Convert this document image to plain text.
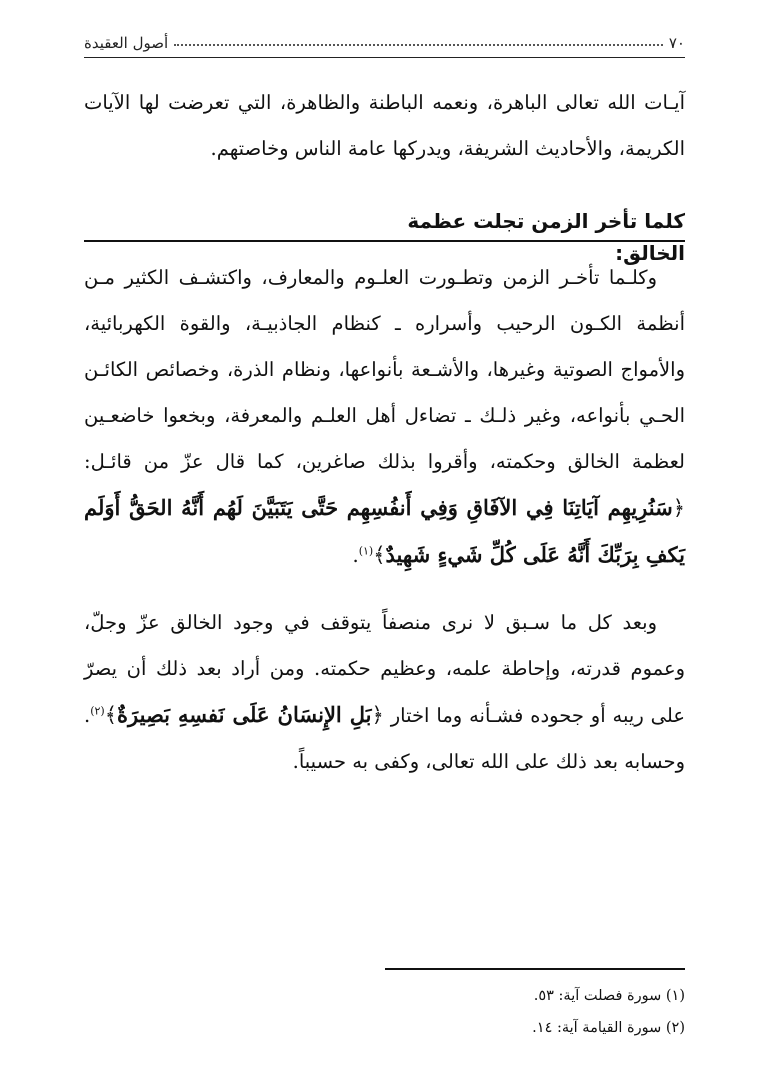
٧٠
أصول العقيدة
آيـات الله تعالى الباهرة، ونعمه الباطنة والظاهرة، التي تعرضت لها الآيات الكريمة، والأحاديث الشريفة، ويدركها عامة الناس وخاصتهم.
كلما تأخر الزمن تجلت عظمة الخالق:
وكلـما تأخـر الزمن وتطـورت العلـوم والمعارف، واكتشـف الكثير مـن أنظمة الكـون الرحيب وأسراره ـ كنظام الجاذبيـة، والقوة الكهربائية، والأمواج الصوتية وغيرها، والأشـعة بأنواعها، ونظام الذرة، وخصائص الكائـن الحـي بأنواعه، وغير ذلـك ـ تضاءل أهل العلـم والمعرفة، وبخعوا خاضعـين لعظمة الخالق وحكمته، وأقروا بذلك صاغرين، كما قال عزّ من قائـل: ﴿سَنُرِيهِم آيَاتِنَا فِي الآفَاقِ وَفِي أَنفُسِهِم حَتَّى يَتَبَيَّنَ لَهُم أَنَّهُ الحَقُّ أَوَلَم يَكفِ بِرَبِّكَ أَنَّهُ عَلَى كُلِّ شَيءٍ شَهِيدٌ﴾$^{(١)}$.
وبعد كل ما سـبق لا نرى منصفاً يتوقف في وجود الخالق عزّ وجلّ، وعموم قدرته، وإحاطة علمه، وعظيم حكمته. ومن أراد بعد ذلك أن يصرّ على ريبه أو جحوده فشـأنه وما اختار ﴿بَلِ الإِنسَانُ عَلَى نَفسِهِ بَصِيرَةٌ﴾$^{(٢)}$. وحسابه بعد ذلك على الله تعالى، وكفى به حسيباً.
(١) سورة فصلت آية: ٥٣.
(٢) سورة القيامة آية: ١٤.
